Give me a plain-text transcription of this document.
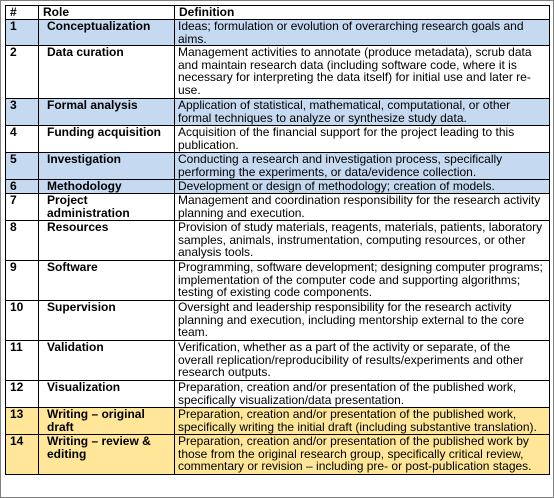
#	Role	Definition
1	Conceptualization	Ideas; formulation or evolution of overarching research goals and aims.
2	Data curation	Management activities to annotate (produce metadata), scrub data and maintain research data (including software code, where it is necessary for interpreting the data itself) for initial use and later re-use.
3	Formal analysis	Application of statistical, mathematical, computational, or other formal techniques to analyze or synthesize study data.
4	Funding acquisition	Acquisition of the financial support for the project leading to this publication.
5	Investigation	Conducting a research and investigation process, specifically performing the experiments, or data/evidence collection.
6	Methodology	Development or design of methodology; creation of models.
7	Project administration	Management and coordination responsibility for the research activity planning and execution.
8	Resources	Provision of study materials, reagents, materials, patients, laboratory samples, animals, instrumentation, computing resources, or other analysis tools.
9	Software	Programming, software development; designing computer programs; implementation of the computer code and supporting algorithms; testing of existing code components.
10	Supervision	Oversight and leadership responsibility for the research activity planning and execution, including mentorship external to the core team.
11	Validation	Verification, whether as a part of the activity or separate, of the overall replication/reproducibility of results/experiments and other research outputs.
12	Visualization	Preparation, creation and/or presentation of the published work, specifically visualization/data presentation.
13	Writing – original draft	Preparation, creation and/or presentation of the published work, specifically writing the initial draft (including substantive translation).
14	Writing – review & editing	Preparation, creation and/or presentation of the published work by those from the original research group, specifically critical review, commentary or revision – including pre- or post-publication stages.
